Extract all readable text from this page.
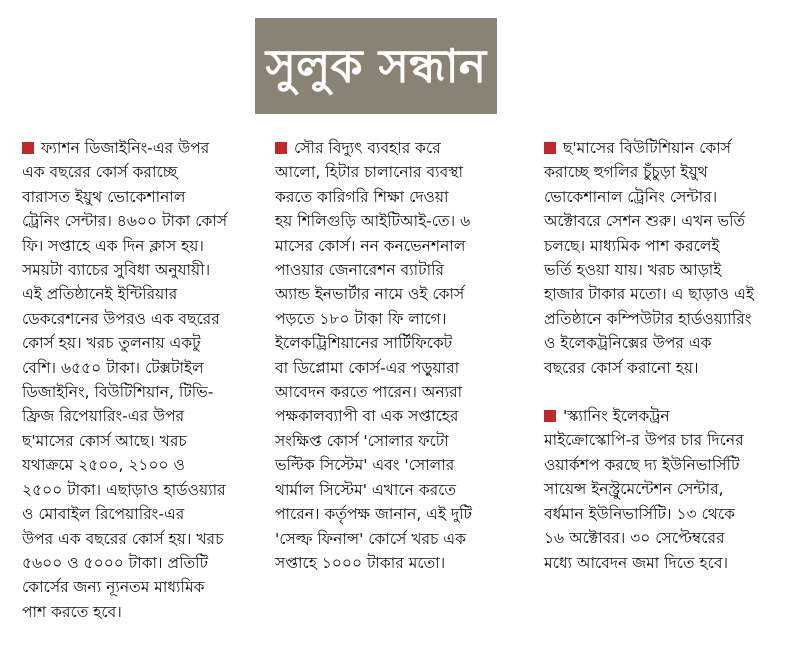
সুলুক সন্ধান
ফ্যাশন ডিজাইনিং-এর উপর
এক বছরের কোর্স করাচ্ছে
বারাসত ইয়ুথ ভোকেশানাল
ট্রেনিং সেন্টার। ৪৬০০ টাকা কোর্স
ফি। সপ্তাহে এক দিন ক্লাস হয়।
সময়টা ব্যাচের সুবিধা অনুযায়ী।
এই প্রতিষ্ঠানেই ইন্টিরিয়ার
ডেকরেশনের উপরও এক বছরের
কোর্স হয়। খরচ তুলনায় একটু
বেশি। ৬৫৫০ টাকা। টেক্সটাইল
ডিজাইনিং, বিউটিশিয়ান, টিভি-
ফ্রিজ রিপেয়ারিং-এর উপর
ছ'মাসের কোর্স আছে। খরচ
যথাক্রমে ২৫০০, ২১০০ ও
২৫০০ টাকা। এছাড়াও হার্ডওয়্যার
ও মোবাইল রিপেয়ারিং-এর
উপর এক বছরের কোর্স হয়। খরচ
৫৬০০ ও ৫০০০ টাকা। প্রতিটি
কোর্সের জন্য ন্যূনতম মাধ্যমিক
পাশ করতে হবে।
সৌর বিদ্যুৎ ব্যবহার করে
আলো, হিটার চালানোর ব্যবস্থা
করতে কারিগরি শিক্ষা দেওয়া
হয় শিলিগুড়ি আইটিআই-তে। ৬
মাসের কোর্স। নন কনভেনশনাল
পাওয়ার জেনারেশন ব্যাটারি
অ্যান্ড ইনভার্টার নামে ওই কোর্স
পড়তে ১৮০ টাকা ফি লাগে।
ইলেকট্রিশিয়ানের সার্টিফিকেট
বা ডিপ্লোমা কোর্স-এর পড়ুয়ারা
আবেদন করতে পারেন। অন্যরা
পক্ষকালব্যাপী বা এক সপ্তাহের
সংক্ষিপ্ত কোর্স 'সোলার ফটো
ভল্টিক সিস্টেম' এবং 'সোলার
থার্মাল সিস্টেম' এখানে করতে
পারেন। কর্তৃপক্ষ জানান, এই দুটি
'সেল্ফ ফিনান্স' কোর্সে খরচ এক
সপ্তাহে ১০০০ টাকার মতো।
ছ'মাসের বিউটিশিয়ান কোর্স
করাচ্ছে হুগলির চুঁচুড়া ইয়ুথ
ভোকেশানাল ট্রেনিং সেন্টার।
অক্টোবরে সেশন শুরু। এখন ভর্তি
চলছে। মাধ্যমিক পাশ করলেই
ভর্তি হওয়া যায়। খরচ আড়াই
হাজার টাকার মতো। এ ছাড়াও এই
প্রতিষ্ঠানে কম্পিউটার হার্ডওয়্যারিং
ও ইলেকট্রনিক্সের উপর এক
বছরের কোর্স করানো হয়।
'স্ক্যানিং ইলেকট্রন
মাইক্রোস্কোপি-র উপর চার দিনের
ওয়ার্কশপ করছে দ্য ইউনিভার্সিটি
সায়েন্স ইনস্ট্রুমেন্টেশন সেন্টার,
বর্ধমান ইউনিভার্সিটি। ১৩ থেকে
১৬ অক্টোবর। ৩০ সেপ্টেম্বরের
মধ্যে আবেদন জমা দিতে হবে।
